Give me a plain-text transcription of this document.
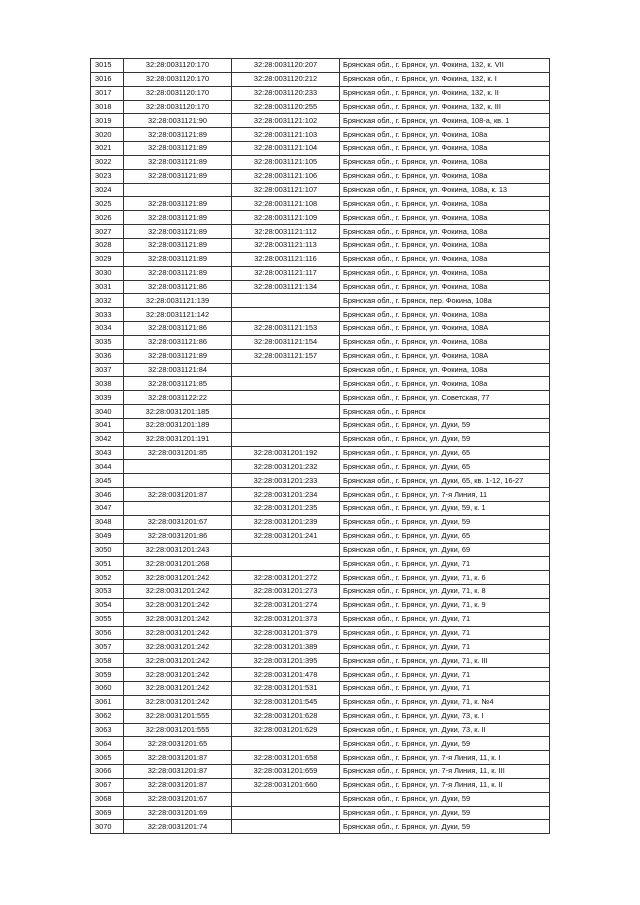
3015	32:28:0031120:170	32:28:0031120:207	Брянская обл., г. Брянск, ул. Фокина, 132, к. VII
3016	32:28:0031120:170	32:28:0031120:212	Брянская обл., г. Брянск, ул. Фокина, 132, к. I
3017	32:28:0031120:170	32:28:0031120:233	Брянская обл., г. Брянск, ул. Фокина, 132, к. II
3018	32:28:0031120:170	32:28:0031120:255	Брянская обл., г. Брянск, ул. Фокина, 132, к. III
3019	32:28:0031121:90	32:28:0031121:102	Брянская обл., г. Брянск, ул. Фокина, 108-а, кв. 1
3020	32:28:0031121:89	32:28:0031121:103	Брянская обл., г. Брянск, ул. Фокина, 108а
3021	32:28:0031121:89	32:28:0031121:104	Брянская обл., г. Брянск, ул. Фокина, 108а
3022	32:28:0031121:89	32:28:0031121:105	Брянская обл., г. Брянск, ул. Фокина, 108а
3023	32:28:0031121:89	32:28:0031121:106	Брянская обл., г. Брянск, ул. Фокина, 108а
3024		32:28:0031121:107	Брянская обл., г. Брянск, ул. Фокина, 108а, к. 13
3025	32:28:0031121:89	32:28:0031121:108	Брянская обл., г. Брянск, ул. Фокина, 108а
3026	32:28:0031121:89	32:28:0031121:109	Брянская обл., г. Брянск, ул. Фокина, 108а
3027	32:28:0031121:89	32:28:0031121:112	Брянская обл., г. Брянск, ул. Фокина, 108а
3028	32:28:0031121:89	32:28:0031121:113	Брянская обл., г. Брянск, ул. Фокина, 108а
3029	32:28:0031121:89	32:28:0031121:116	Брянская обл., г. Брянск, ул. Фокина, 108а
3030	32:28:0031121:89	32:28:0031121:117	Брянская обл., г. Брянск, ул. Фокина, 108а
3031	32:28:0031121:86	32:28:0031121:134	Брянская обл., г. Брянск, ул. Фокина, 108а
3032	32:28:0031121:139		Брянская обл., г. Брянск, пер. Фокина, 108а
3033	32:28:0031121:142		Брянская обл., г. Брянск, ул. Фокина, 108а
3034	32:28:0031121:86	32:28:0031121:153	Брянская обл., г. Брянск, ул. Фокина, 108А
3035	32:28:0031121:86	32:28:0031121:154	Брянская обл., г. Брянск, ул. Фокина, 108а
3036	32:28:0031121:89	32:28:0031121:157	Брянская обл., г. Брянск, ул. Фокина, 108А
3037	32:28:0031121:84		Брянская обл., г. Брянск, ул. Фокина, 108а
3038	32:28:0031121:85		Брянская обл., г. Брянск, ул. Фокина, 108а
3039	32:28:0031122:22		Брянская обл., г. Брянск, ул. Советская, 77
3040	32:28:0031201:185		Брянская обл., г. Брянск
3041	32:28:0031201:189		Брянская обл., г. Брянск, ул. Дуки, 59
3042	32:28:0031201:191		Брянская обл., г. Брянск, ул. Дуки, 59
3043	32:28:0031201:85	32:28:0031201:192	Брянская обл., г. Брянск, ул. Дуки, 65
3044		32:28:0031201:232	Брянская обл., г. Брянск, ул. Дуки, 65
3045		32:28:0031201:233	Брянская обл., г. Брянск, ул. Дуки, 65, кв. 1-12, 16-27
3046	32:28:0031201:87	32:28:0031201:234	Брянская обл., г. Брянск, ул. 7-я Линия, 11
3047		32:28:0031201:235	Брянская обл., г. Брянск, ул. Дуки, 59, к. 1
3048	32:28:0031201:67	32:28:0031201:239	Брянская обл., г. Брянск, ул. Дуки, 59
3049	32:28:0031201:86	32:28:0031201:241	Брянская обл., г. Брянск, ул. Дуки, 65
3050	32:28:0031201:243		Брянская обл., г. Брянск, ул. Дуки, 69
3051	32:28:0031201:268		Брянская обл., г. Брянск, ул. Дуки, 71
3052	32:28:0031201:242	32:28:0031201:272	Брянская обл., г. Брянск, ул. Дуки, 71, к. 6
3053	32:28:0031201:242	32:28:0031201:273	Брянская обл., г. Брянск, ул. Дуки, 71, к. 8
3054	32:28:0031201:242	32:28:0031201:274	Брянская обл., г. Брянск, ул. Дуки, 71, к. 9
3055	32:28:0031201:242	32:28:0031201:373	Брянская обл., г. Брянск, ул. Дуки, 71
3056	32:28:0031201:242	32:28:0031201:379	Брянская обл., г. Брянск, ул. Дуки, 71
3057	32:28:0031201:242	32:28:0031201:389	Брянская обл., г. Брянск, ул. Дуки, 71
3058	32:28:0031201:242	32:28:0031201:395	Брянская обл., г. Брянск, ул. Дуки, 71, к. III
3059	32:28:0031201:242	32:28:0031201:478	Брянская обл., г. Брянск, ул. Дуки, 71
3060	32:28:0031201:242	32:28:0031201:531	Брянская обл., г. Брянск, ул. Дуки, 71
3061	32:28:0031201:242	32:28:0031201:545	Брянская обл., г. Брянск, ул. Дуки, 71, к. №4
3062	32:28:0031201:555	32:28:0031201:628	Брянская обл., г. Брянск, ул. Дуки, 73, к. I
3063	32:28:0031201:555	32:28:0031201:629	Брянская обл., г. Брянск, ул. Дуки, 73, к. II
3064	32:28:0031201:65		Брянская обл., г. Брянск, ул. Дуки, 59
3065	32:28:0031201:87	32:28:0031201:658	Брянская обл., г. Брянск, ул. 7-я Линия, 11, к. I
3066	32:28:0031201:87	32:28:0031201:659	Брянская обл., г. Брянск, ул. 7-я Линия, 11, к. III
3067	32:28:0031201:87	32:28:0031201:660	Брянская обл., г. Брянск, ул. 7-я Линия, 11, к. II
3068	32:28:0031201:67		Брянская обл., г. Брянск, ул. Дуки, 59
3069	32:28:0031201:69		Брянская обл., г. Брянск, ул. Дуки, 59
3070	32:28:0031201:74		Брянская обл., г. Брянск, ул. Дуки, 59
